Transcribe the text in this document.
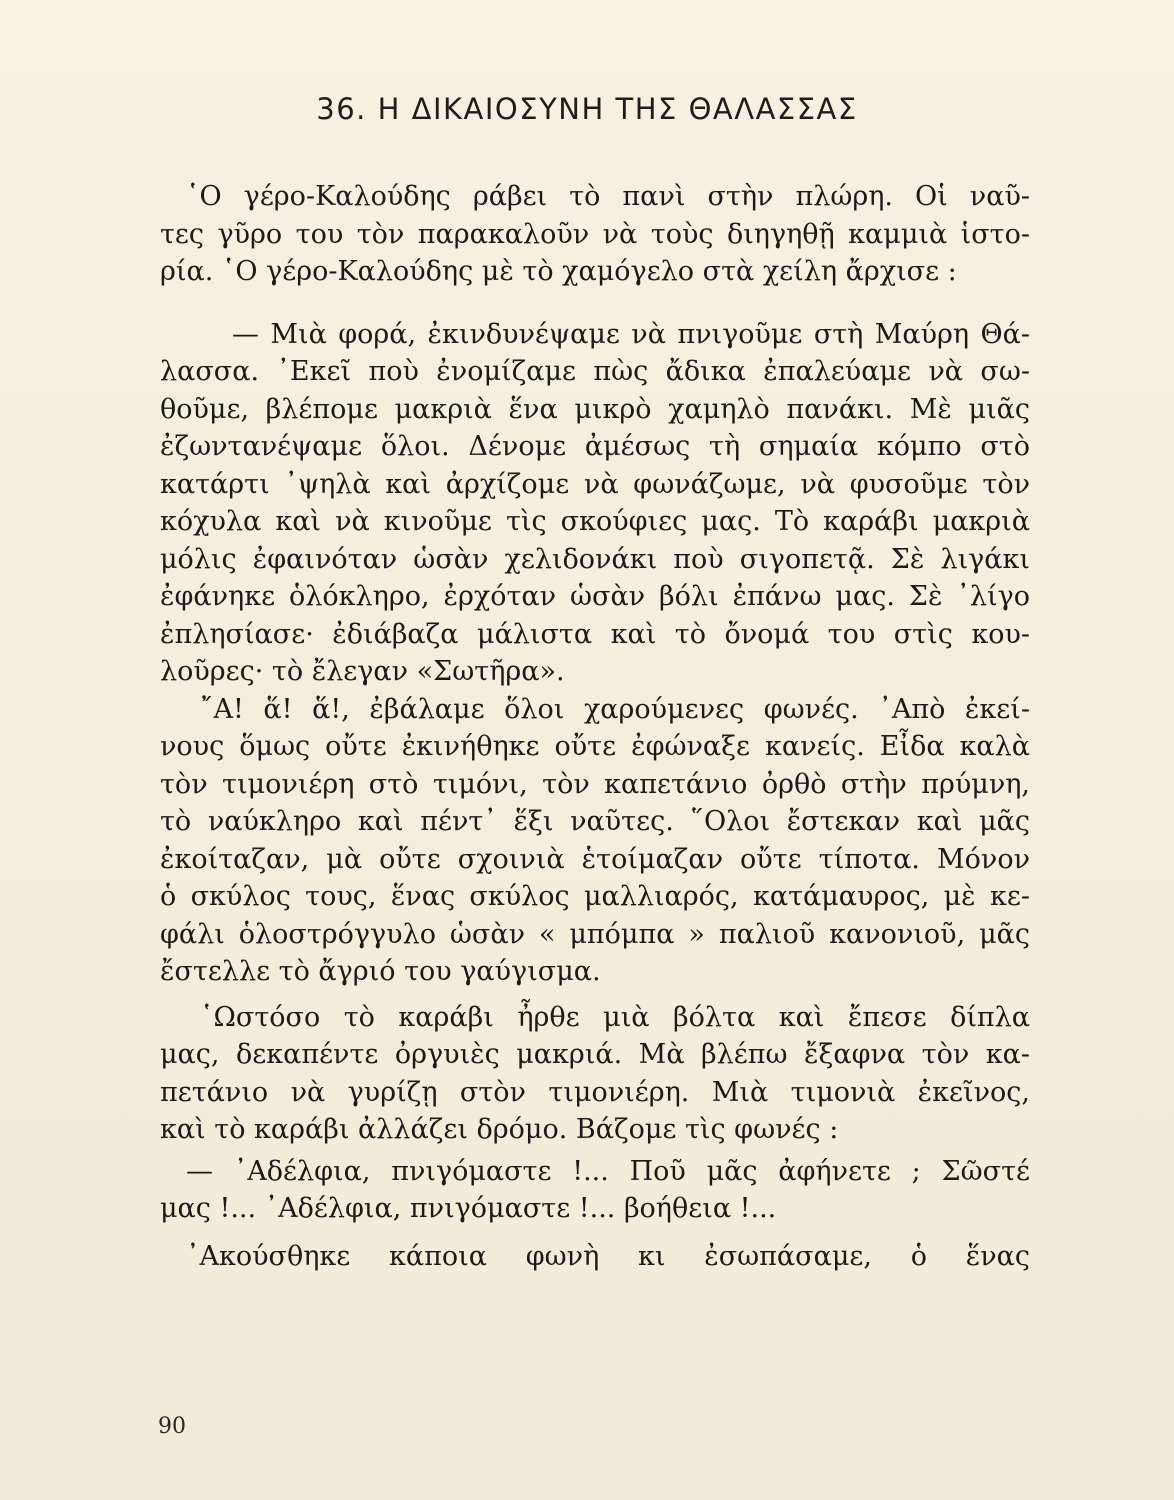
36. Η ΔΙΚΑΙΟΣΥΝΗ ΤΗΣ ΘΑΛΑΣΣΑΣ
῾Ο γέρο-Καλούδης ράβει τὸ πανὶ στὴν πλώρη. Οἱ ναῦ-
τες γῦρο του τὸν παρακαλοῦν νὰ τοὺς διηγηθῇ καμμιὰ ἱστο-
ρία. ῾Ο γέρο-Καλούδης μὲ τὸ χαμόγελο στὰ χείλη ἄρχισε :
— Μιὰ φορά, ἐκινδυνέψαμε νὰ πνιγοῦμε στὴ Μαύρη Θά-
λασσα. ᾿Εκεῖ ποὺ ἐνομίζαμε πὼς ἄδικα ἐπαλεύαμε νὰ σω-
θοῦμε, βλέπομε μακριὰ ἕνα μικρὸ χαμηλὸ πανάκι. Μὲ μιᾶς
ἐζωντανέψαμε ὅλοι. Δένομε ἀμέσως τὴ σημαία κόμπο στὸ
κατάρτι ᾿ψηλὰ καὶ ἀρχίζομε νὰ φωνάζωμε, νὰ φυσοῦμε τὸν
κόχυλα καὶ νὰ κινοῦμε τὶς σκούφιες μας. Τὸ καράβι μακριὰ
μόλις ἐφαινόταν ὡσὰν χελιδονάκι ποὺ σιγοπετᾷ. Σὲ λιγάκι
ἐφάνηκε ὁλόκληρο, ἐρχόταν ὡσὰν βόλι ἐπάνω μας. Σὲ ᾿λίγο
ἐπλησίασε· ἐδιάβαζα μάλιστα καὶ τὸ ὄνομά του στὶς κου-
λοῦρες· τὸ ἔλεγαν «Σωτῆρα».
῎Α! ἅ! ἅ!, ἐβάλαμε ὅλοι χαρούμενες φωνές. ᾿Απὸ ἐκεί-
νους ὅμως οὔτε ἐκινήθηκε οὔτε ἐφώναξε κανείς. Εἶδα καλὰ
τὸν τιμονιέρη στὸ τιμόνι, τὸν καπετάνιο ὀρθὸ στὴν πρύμνη,
τὸ ναύκληρο καὶ πέντ᾿ ἕξι ναῦτες. ῞Ολοι ἔστεκαν καὶ μᾶς
ἐκοίταζαν, μὰ οὔτε σχοινιὰ ἑτοίμαζαν οὔτε τίποτα. Μόνον
ὁ σκύλος τους, ἕνας σκύλος μαλλιαρός, κατάμαυρος, μὲ κε-
φάλι ὁλοστρόγγυλο ὡσὰν « μπόμπα » παλιοῦ κανονιοῦ, μᾶς
ἔστελλε τὸ ἄγριό του γαύγισμα.
῾Ωστόσο τὸ καράβι ἦρθε μιὰ βόλτα καὶ ἔπεσε δίπλα
μας, δεκαπέντε ὀργυιὲς μακριά. Μὰ βλέπω ἔξαφνα τὸν κα-
πετάνιο νὰ γυρίζῃ στὸν τιμονιέρη. Μιὰ τιμονιὰ ἐκεῖνος,
καὶ τὸ καράβι ἀλλάζει δρόμο. Βάζομε τὶς φωνές :
— ᾿Αδέλφια, πνιγόμαστε !... Ποῦ μᾶς ἀφήνετε ; Σῶστέ
μας !... ᾿Αδέλφια, πνιγόμαστε !... βοήθεια !...
᾿Ακούσθηκε κάποια φωνὴ κι ἐσωπάσαμε, ὁ ἕνας
90
